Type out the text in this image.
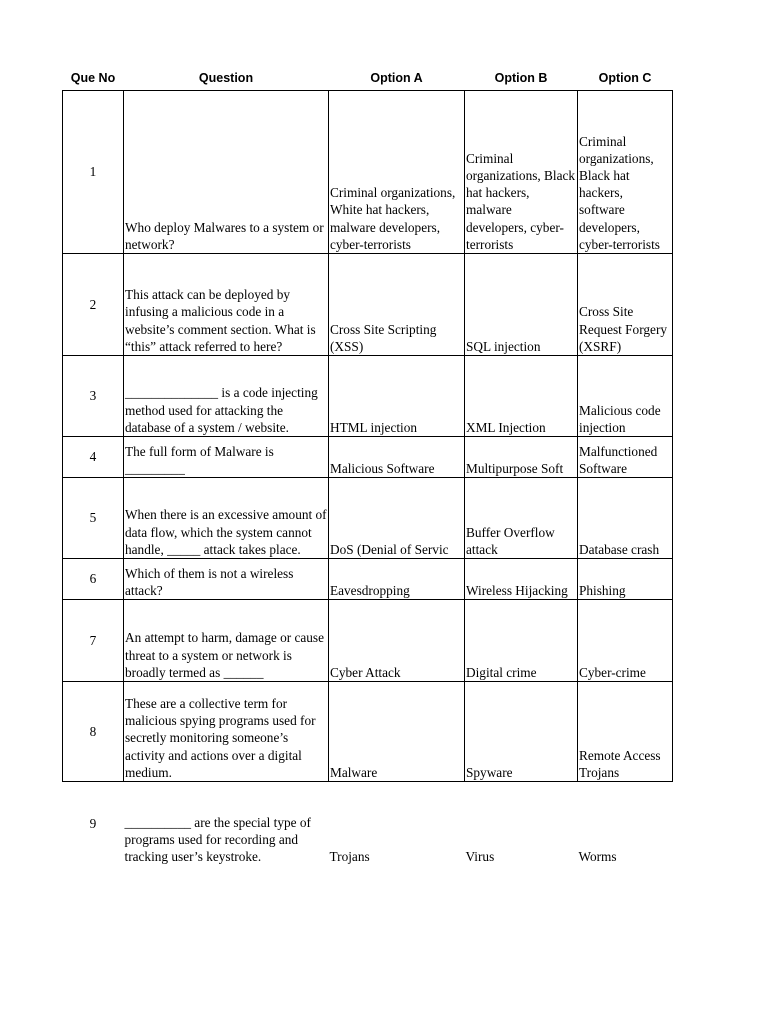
Que No	Question	Option A	Option B	Option C
1	Who deploy Malwares to a system or network?	Criminal organizations, White hat hackers, malware developers, cyber-terrorists	Criminal organizations, Black hat hackers, malware developers, cyber-terrorists	Criminal organizations, Black hat hackers, software developers, cyber-terrorists
2	This attack can be deployed by infusing a malicious code in a website’s comment section. What is “this” attack referred to here?	Cross Site Scripting (XSS)	SQL injection	Cross Site Request Forgery (XSRF)
3	______________ is a code injecting method used for attacking the database of a system / website.	HTML injection	XML Injection	Malicious code injection
4	The full form of Malware is _________	Malicious Software	Multipurpose Soft	Malfunctioned Software
5	When there is an excessive amount of data flow, which the system cannot handle, _____ attack takes place.	DoS (Denial of Servic	Buffer Overflow attack	Database crash
6	Which of them is not a wireless attack?	Eavesdropping	Wireless Hijacking	Phishing
7	An attempt to harm, damage or cause threat to a system or network is broadly termed as ______	Cyber Attack	Digital crime	Cyber-crime
8	These are a collective term for malicious spying programs used for secretly monitoring someone’s activity and actions over a digital medium.	Malware	Spyware	Remote Access Trojans
9	__________ are the special type of programs used for recording and tracking user’s keystroke.	Trojans	Virus	Worms
